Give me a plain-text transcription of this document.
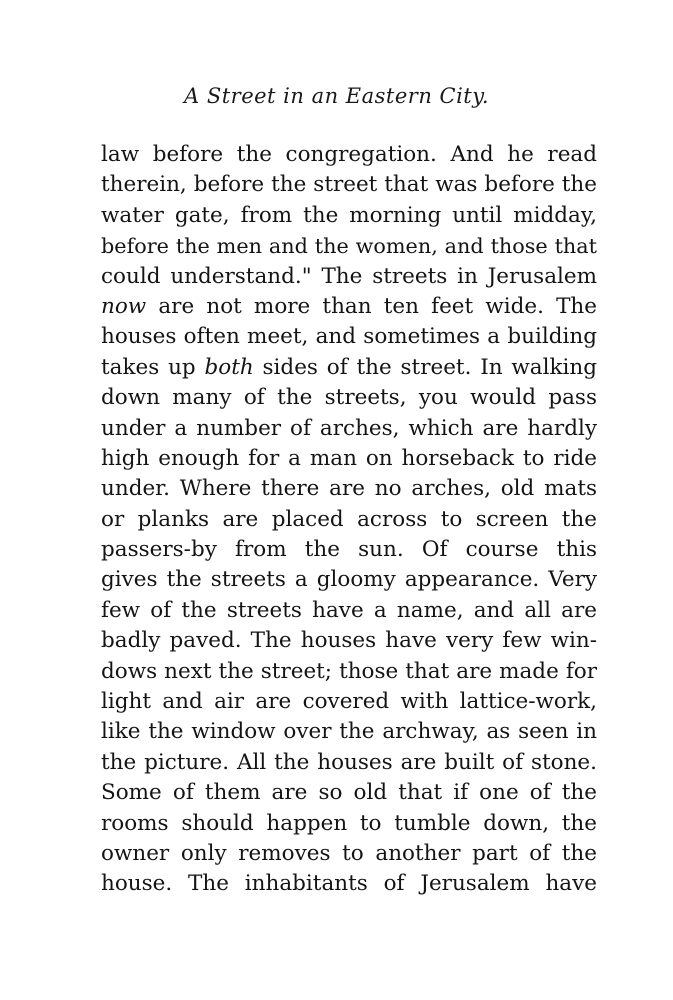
A Street in an Eastern City.
law before the congregation. And he read
therein, before the street that was before the
water gate, from the morning until midday,
before the men and the women, and those that
could understand." The streets in Jerusalem
now are not more than ten feet wide. The
houses often meet, and sometimes a building
takes up both sides of the street. In walking
down many of the streets, you would pass
under a number of arches, which are hardly
high enough for a man on horseback to ride
under. Where there are no arches, old mats
or planks are placed across to screen the
passers-by from the sun. Of course this
gives the streets a gloomy appearance. Very
few of the streets have a name, and all are
badly paved. The houses have very few win-
dows next the street; those that are made for
light and air are covered with lattice-work,
like the window over the archway, as seen in
the picture. All the houses are built of stone.
Some of them are so old that if one of the
rooms should happen to tumble down, the
owner only removes to another part of the
house. The inhabitants of Jerusalem have
